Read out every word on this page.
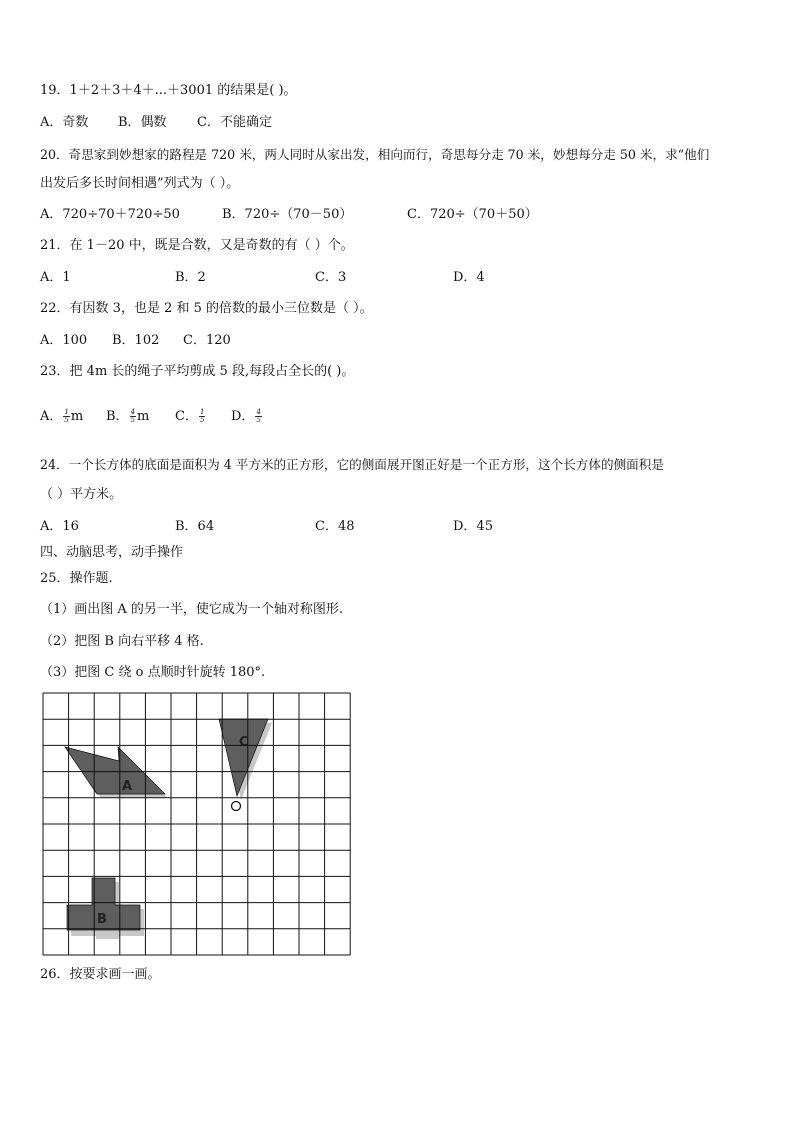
19．1＋2＋3＋4＋...＋3001 的结果是( )。
A．奇数 B．偶数 C．不能确定
20．奇思家到妙想家的路程是 720 米，两人同时从家出发，相向而行，奇思每分走 70 米，妙想每分走 50 米，求“他们
出发后多长时间相遇”列式为（ ）。
A．720÷70＋720÷50	B．720÷（70－50）	C．720÷（70＋50）
21．在 1－20 中，既是合数，又是奇数的有（ ）个。
A．1	B．2	C．3	D．4
22．有因数 3，也是 2 和 5 的倍数的最小三位数是（ ）。
A．100 B．102 C．120
23．把 4m 长的绳子平均剪成 5 段,每段占全长的( )。
A． $\frac{1}{5}$ m B． $\frac{4}{5}$ m C． $\frac{1}{5}$ D． $\frac{4}{5}$
24．一个长方体的底面是面积为 4 平方米的正方形，它的侧面展开图正好是一个正方形，这个长方体的侧面积是
（ ）平方米。
A．16	B．64	C．48	D．45
四、动脑思考，动手操作
25．操作题.
（1）画出图 A 的另一半，使它成为一个轴对称图形.
（2）把图 B 向右平移 4 格.
（3）把图 C 绕 o 点顺时针旋转 180°.
A
C
B
26．按要求画一画。
